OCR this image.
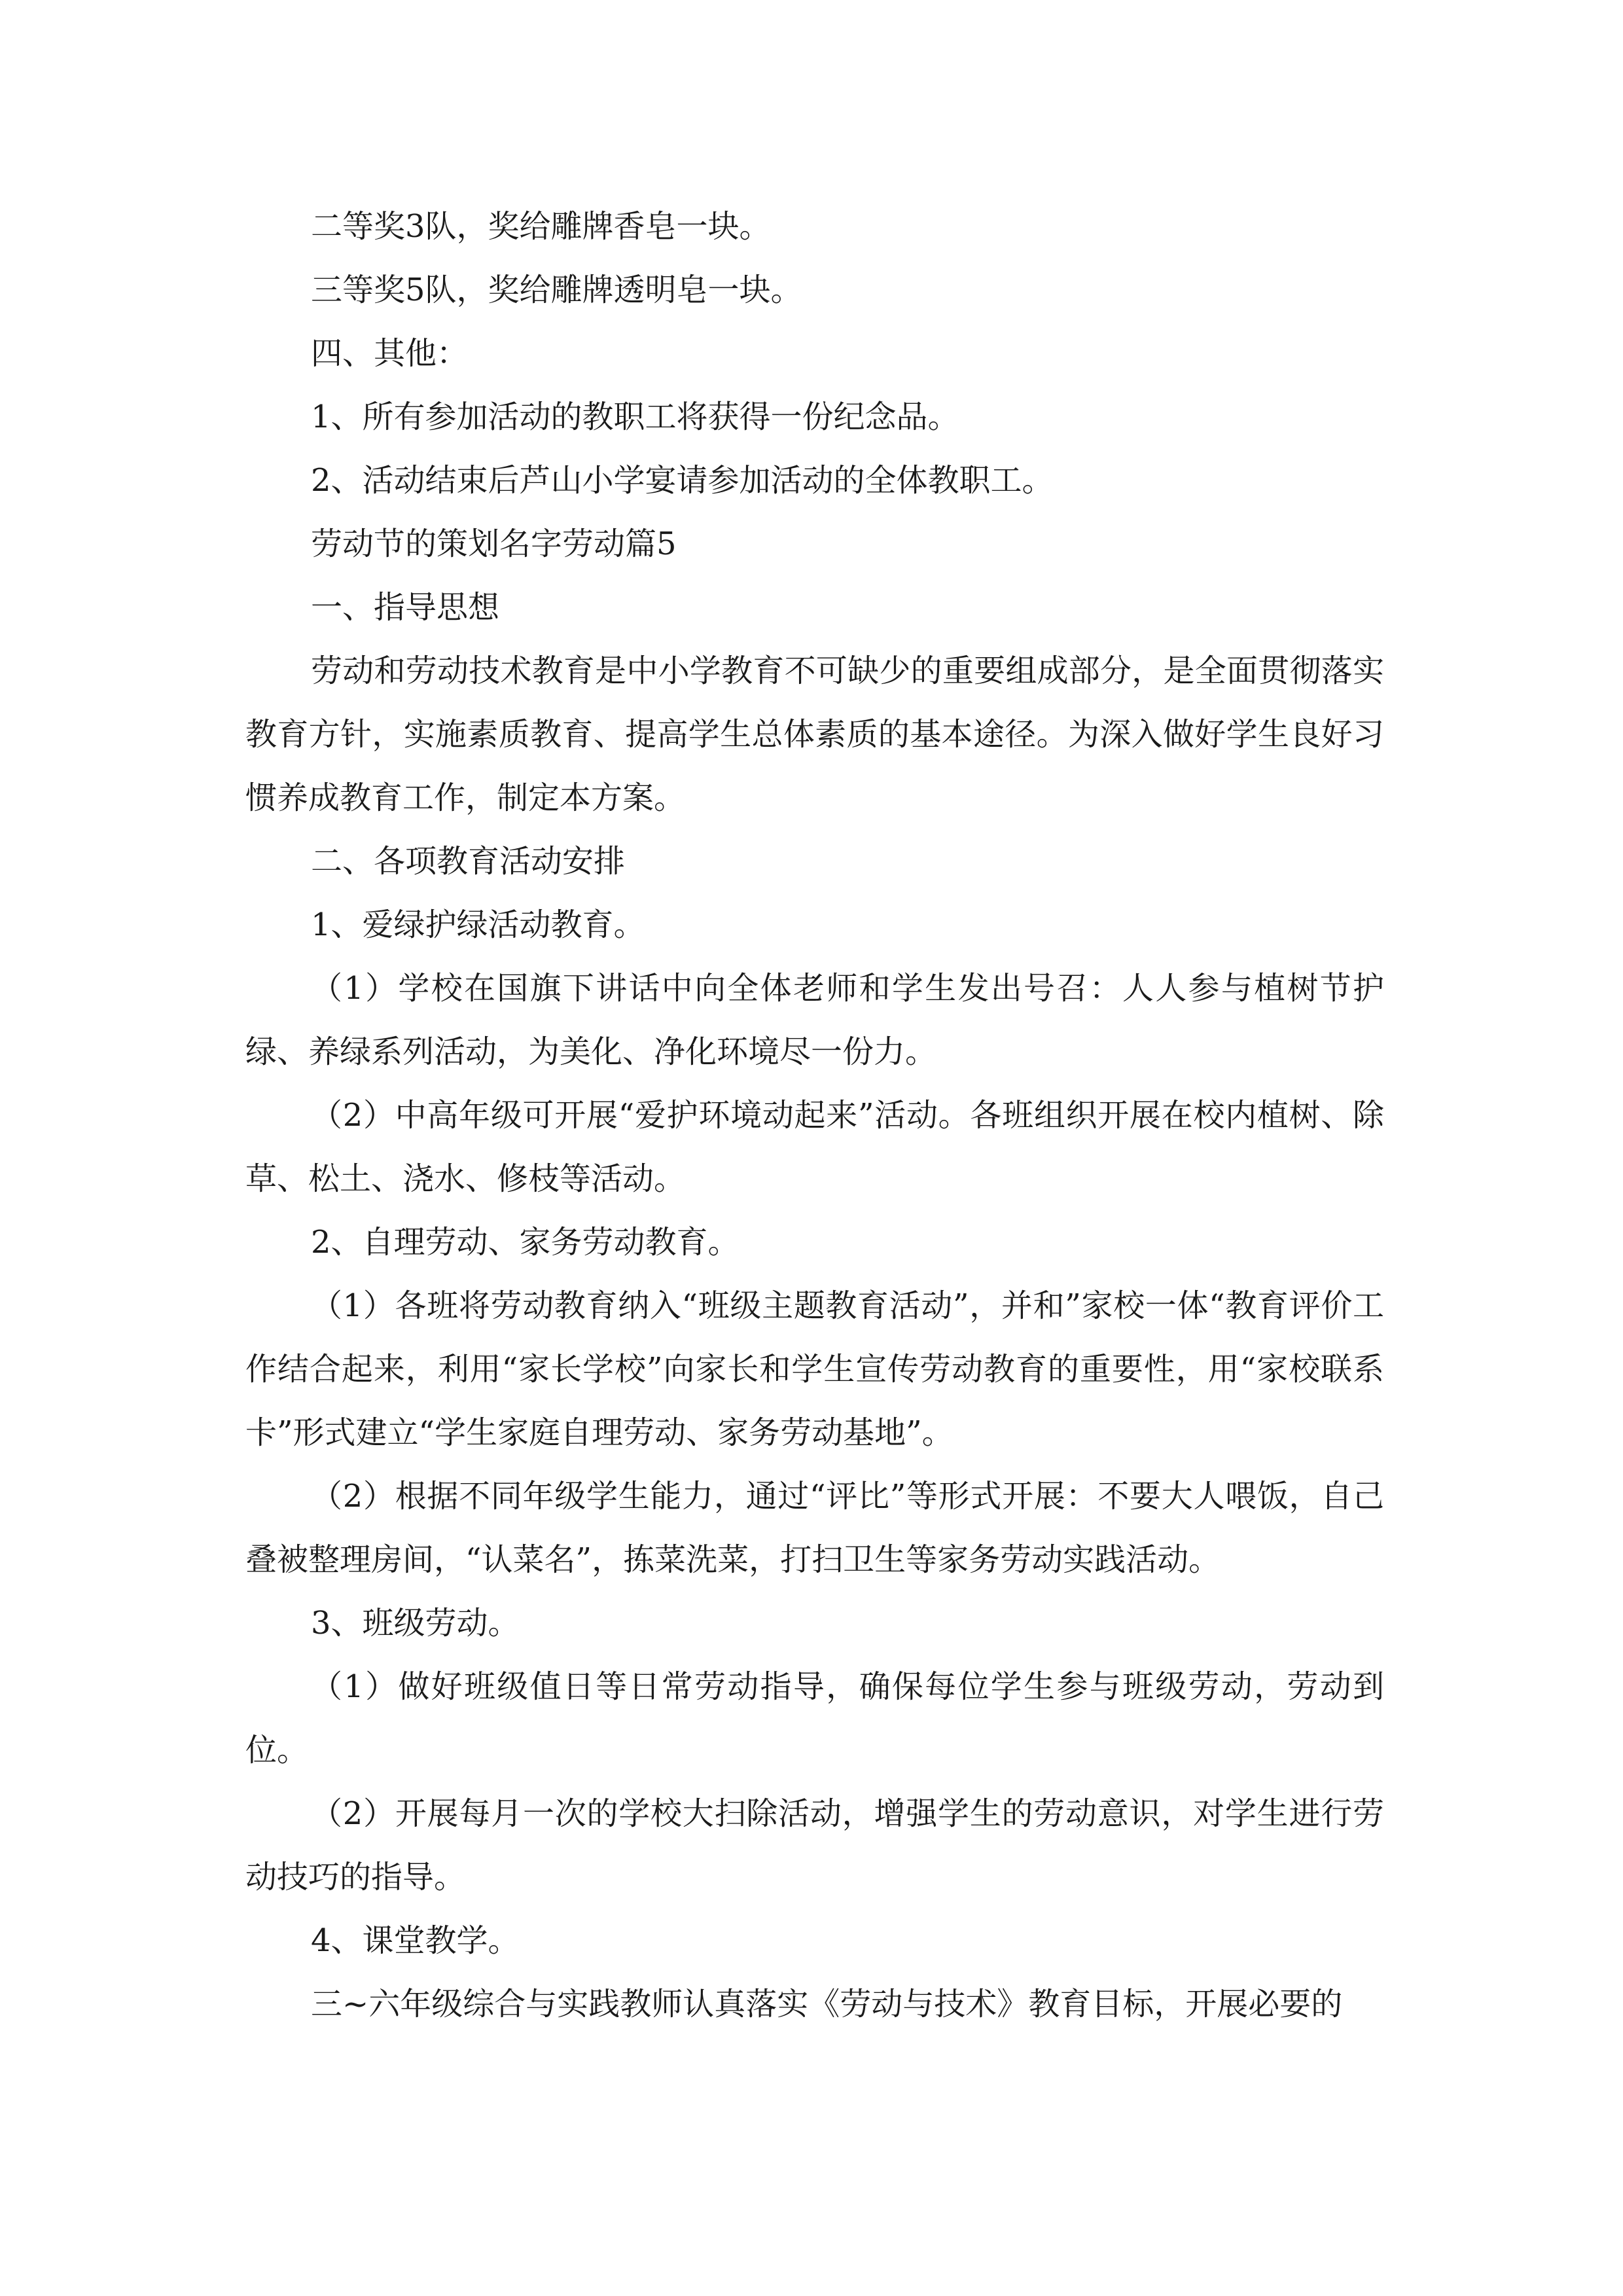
二等奖3队，奖给雕牌香皂一块。

三等奖5队，奖给雕牌透明皂一块。

四、其他：

1、所有参加活动的教职工将获得一份纪念品。

2、活动结束后芦山小学宴请参加活动的全体教职工。

劳动节的策划名字劳动篇5

一、指导思想

劳动和劳动技术教育是中小学教育不可缺少的重要组成部分，是全面贯彻落实教育方针，实施素质教育、提高学生总体素质的基本途径。为深入做好学生良好习惯养成教育工作，制定本方案。

二、各项教育活动安排

1、爱绿护绿活动教育。

（1）学校在国旗下讲话中向全体老师和学生发出号召：人人参与植树节护绿、养绿系列活动，为美化、净化环境尽一份力。

（2）中高年级可开展“爱护环境动起来”活动。各班组织开展在校内植树、除草、松土、浇水、修枝等活动。

2、自理劳动、家务劳动教育。

（1）各班将劳动教育纳入“班级主题教育活动”，并和”家校一体“教育评价工作结合起来，利用“家长学校”向家长和学生宣传劳动教育的重要性，用“家校联系卡”形式建立“学生家庭自理劳动、家务劳动基地”。

（2）根据不同年级学生能力，通过“评比”等形式开展：不要大人喂饭，自己叠被整理房间，“认菜名”，拣菜洗菜，打扫卫生等家务劳动实践活动。

3、班级劳动。

（1）做好班级值日等日常劳动指导，确保每位学生参与班级劳动，劳动到位。

（2）开展每月一次的学校大扫除活动，增强学生的劳动意识，对学生进行劳动技巧的指导。

4、课堂教学。

三~六年级综合与实践教师认真落实《劳动与技术》教育目标，开展必要的
